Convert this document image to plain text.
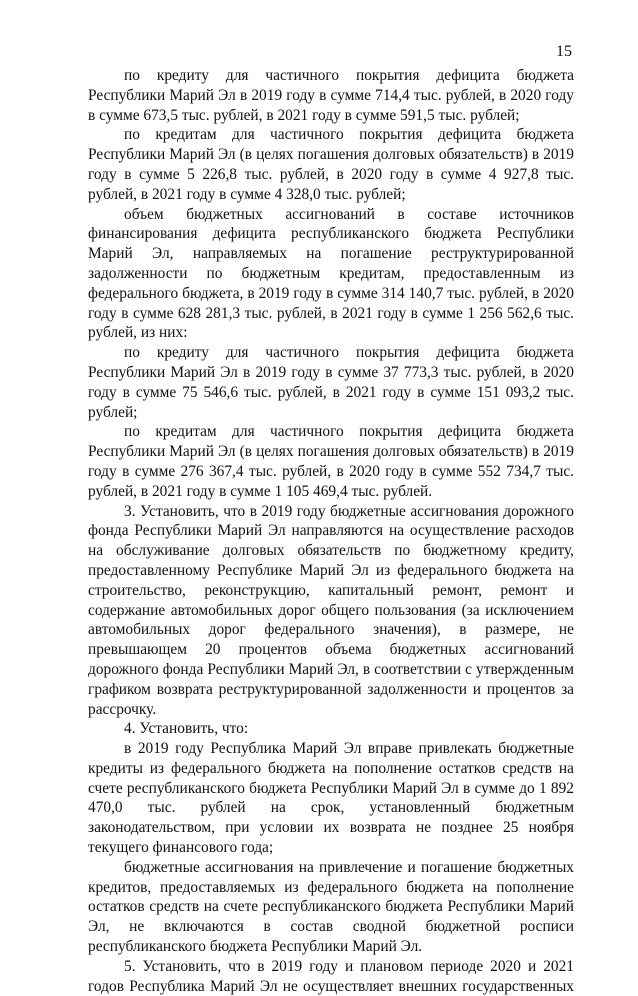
15

по кредиту для частичного покрытия дефицита бюджета Республики Марий Эл в 2019 году в сумме 714,4 тыс. рублей, в 2020 году в сумме 673,5 тыс. рублей, в 2021 году в сумме 591,5 тыс. рублей;

по кредитам для частичного покрытия дефицита бюджета Республики Марий Эл (в целях погашения долговых обязательств) в 2019 году в сумме 5 226,8 тыс. рублей, в 2020 году в сумме 4 927,8 тыс. рублей, в 2021 году в сумме 4 328,0 тыс. рублей;

объем бюджетных ассигнований в составе источников финансирования дефицита республиканского бюджета Республики Марий Эл, направляемых на погашение реструктурированной задолженности по бюджетным кредитам, предоставленным из федерального бюджета, в 2019 году в сумме 314 140,7 тыс. рублей, в 2020 году в сумме 628 281,3 тыс. рублей, в 2021 году в сумме 1 256 562,6 тыс. рублей, из них:

по кредиту для частичного покрытия дефицита бюджета Республики Марий Эл в 2019 году в сумме 37 773,3 тыс. рублей, в 2020 году в сумме 75 546,6 тыс. рублей, в 2021 году в сумме 151 093,2 тыс. рублей;

по кредитам для частичного покрытия дефицита бюджета Республики Марий Эл (в целях погашения долговых обязательств) в 2019 году в сумме 276 367,4 тыс. рублей, в 2020 году в сумме 552 734,7 тыс. рублей, в 2021 году в сумме 1 105 469,4 тыс. рублей.

3. Установить, что в 2019 году бюджетные ассигнования дорожного фонда Республики Марий Эл направляются на осуществление расходов на обслуживание долговых обязательств по бюджетному кредиту, предоставленному Республике Марий Эл из федерального бюджета на строительство, реконструкцию, капитальный ремонт, ремонт и содержание автомобильных дорог общего пользования (за исключением автомобильных дорог федерального значения), в размере, не превышающем 20 процентов объема бюджетных ассигнований дорожного фонда Республики Марий Эл, в соответствии с утвержденным графиком возврата реструктурированной задолженности и процентов за рассрочку.

4. Установить, что:

в 2019 году Республика Марий Эл вправе привлекать бюджетные кредиты из федерального бюджета на пополнение остатков средств на счете республиканского бюджета Республики Марий Эл в сумме до 1 892 470,0 тыс. рублей на срок, установленный бюджетным законодательством, при условии их возврата не позднее 25 ноября текущего финансового года;

бюджетные ассигнования на привлечение и погашение бюджетных кредитов, предоставляемых из федерального бюджета на пополнение остатков средств на счете республиканского бюджета Республики Марий Эл, не включаются в состав сводной бюджетной росписи республиканского бюджета Республики Марий Эл.

5. Установить, что в 2019 году и плановом периоде 2020 и 2021 годов Республика Марий Эл не осуществляет внешних государственных
